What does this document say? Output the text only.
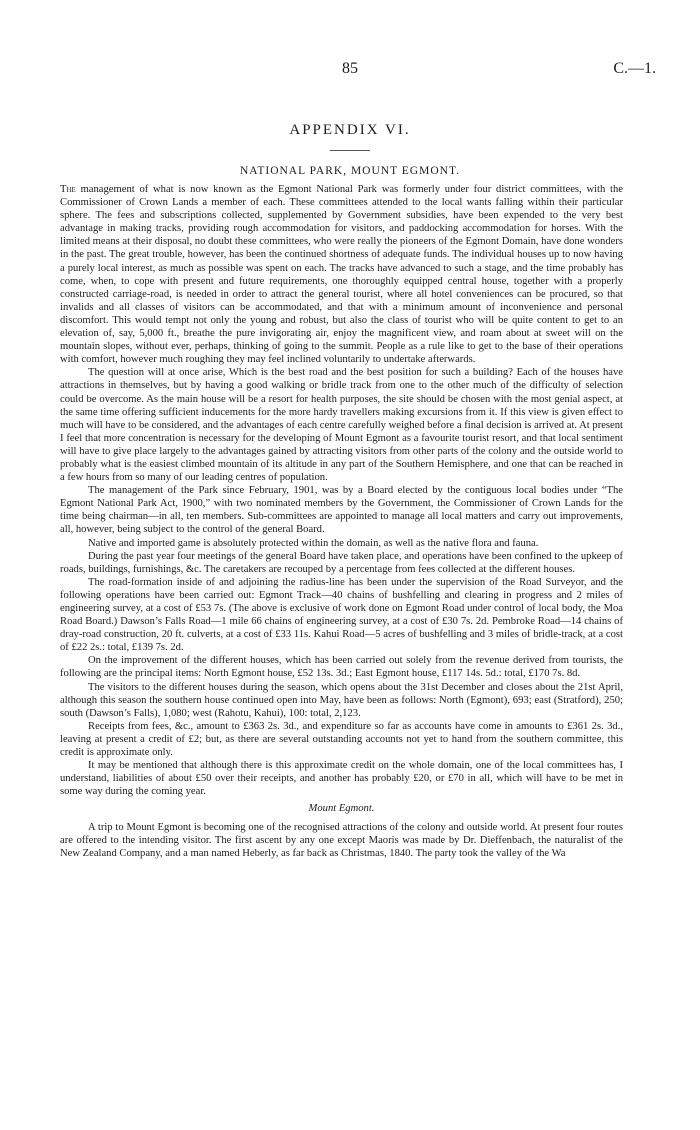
85	C.—1.
APPENDIX VI.
NATIONAL PARK, MOUNT EGMONT.

The management of what is now known as the Egmont National Park was formerly under four district committees, with the Commissioner of Crown Lands a member of each. These committees attended to the local wants falling within their particular sphere. The fees and subscriptions collected, supplemented by Government subsidies, have been expended to the very best advantage in making tracks, providing rough accommodation for visitors, and paddocking accommodation for horses. With the limited means at their disposal, no doubt these committees, who were really the pioneers of the Egmont Domain, have done wonders in the past. The great trouble, however, has been the continued shortness of adequate funds. The individual houses up to now having a purely local interest, as much as possible was spent on each. The tracks have advanced to such a stage, and the time probably has come, when, to cope with present and future requirements, one thoroughly equipped central house, together with a properly constructed carriage-road, is needed in order to attract the general tourist, where all hotel conveniences can be procured, so that invalids and all classes of visitors can be accommodated, and that with a minimum amount of inconvenience and personal discomfort. This would tempt not only the young and robust, but also the class of tourist who will be quite content to get to an elevation of, say, 5,000 ft., breathe the pure invigorating air, enjoy the magnificent view, and roam about at sweet will on the mountain slopes, without ever, perhaps, thinking of going to the summit. People as a rule like to get to the base of their operations with comfort, however much roughing they may feel inclined voluntarily to undertake afterwards.

The question will at once arise, Which is the best road and the best position for such a building? Each of the houses have attractions in themselves, but by having a good walking or bridle track from one to the other much of the difficulty of selection could be overcome. As the main house will be a resort for health purposes, the site should be chosen with the most genial aspect, at the same time offering sufficient inducements for the more hardy travellers making excursions from it. If this view is given effect to much will have to be considered, and the advantages of each centre carefully weighed before a final decision is arrived at. At present I feel that more concentration is necessary for the developing of Mount Egmont as a favourite tourist resort, and that local sentiment will have to give place largely to the advantages gained by attracting visitors from other parts of the colony and the outside world to probably what is the easiest climbed mountain of its altitude in any part of the Southern Hemisphere, and one that can be reached in a few hours from so many of our leading centres of population.

The management of the Park since February, 1901, was by a Board elected by the contiguous local bodies under “The Egmont National Park Act, 1900,” with two nominated members by the Government, the Commissioner of Crown Lands for the time being chairman—in all, ten members. Sub-committees are appointed to manage all local matters and carry out improvements, all, however, being subject to the control of the general Board.

Native and imported game is absolutely protected within the domain, as well as the native flora and fauna.

During the past year four meetings of the general Board have taken place, and operations have been confined to the upkeep of roads, buildings, furnishings, &c. The caretakers are recouped by a percentage from fees collected at the different houses.

The road-formation inside of and adjoining the radius-line has been under the supervision of the Road Surveyor, and the following operations have been carried out: Egmont Track—40 chains of bushfelling and clearing in progress and 2 miles of engineering survey, at a cost of £53 7s. (The above is exclusive of work done on Egmont Road under control of local body, the Moa Road Board.) Dawson’s Falls Road—1 mile 66 chains of engineering survey, at a cost of £30 7s. 2d. Pembroke Road—14 chains of dray-road construction, 20 ft. culverts, at a cost of £33 11s. Kahui Road—5 acres of bushfelling and 3 miles of bridle-track, at a cost of £22 2s.: total, £139 7s. 2d.

On the improvement of the different houses, which has been carried out solely from the revenue derived from tourists, the following are the principal items: North Egmont house, £52 13s. 3d.; East Egmont house, £117 14s. 5d.: total, £170 7s. 8d.

The visitors to the different houses during the season, which opens about the 31st December and closes about the 21st April, although this season the southern house continued open into May, have been as follows: North (Egmont), 693; east (Stratford), 250; south (Dawson’s Falls), 1,080; west (Rahotu, Kahui), 100: total, 2,123.

Receipts from fees, &c., amount to £363 2s. 3d., and expenditure so far as accounts have come in amounts to £361 2s. 3d., leaving at present a credit of £2; but, as there are several outstanding accounts not yet to hand from the southern committee, this credit is approximate only.

It may be mentioned that although there is this approximate credit on the whole domain, one of the local committees has, I understand, liabilities of about £50 over their receipts, and another has probably £20, or £70 in all, which will have to be met in some way during the coming year.

Mount Egmont.

A trip to Mount Egmont is becoming one of the recognised attractions of the colony and outside world. At present four routes are offered to the intending visitor. The first ascent by any one except Maoris was made by Dr. Dieffenbach, the naturalist of the New Zealand Company, and a man named Heberly, as far back as Christmas, 1840. The party took the valley of the Wa
